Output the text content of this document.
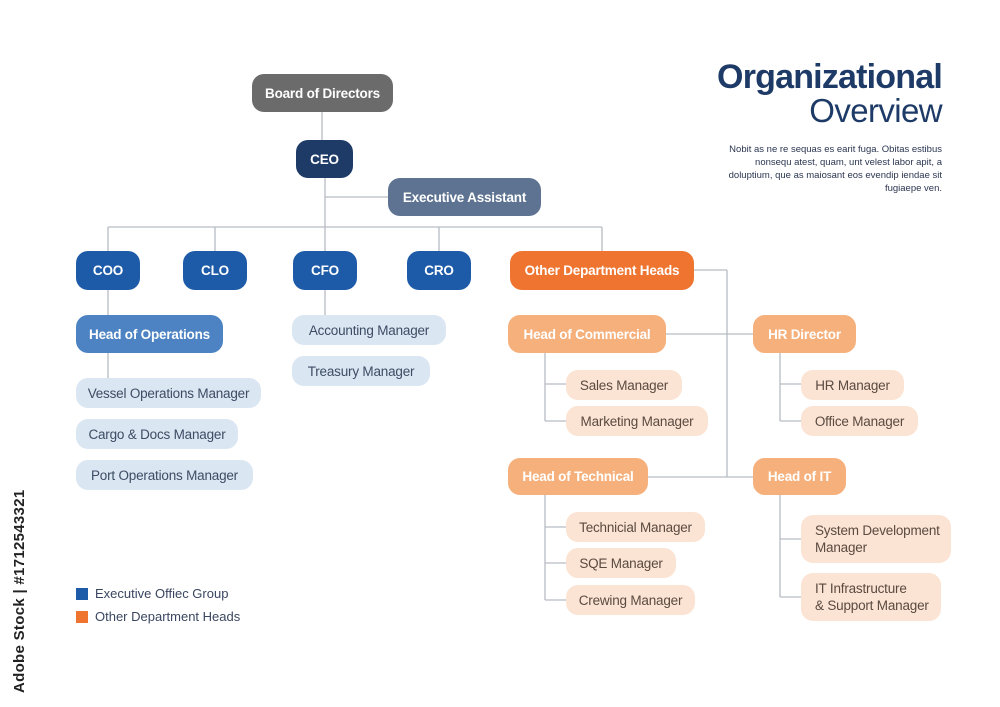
Board of Directors
CEO
Executive Assistant
COO	CLO	CFO	CRO	Other Department Heads
Head of Operations
Vessel Operations Manager
Cargo & Docs Manager
Port Operations Manager
Accounting Manager
Treasury Manager
Head of Commercial
Sales Manager
Marketing Manager
Head of Technical
Technicial Manager
SQE Manager
Crewing Manager
HR Director
HR Manager
Office Manager
Head of IT
System Development
Manager
IT Infrastructure
& Support Manager
Organizational
Overview
Nobit as ne re sequas es earit fuga. Obitas estibus nonsequ atest, quam, unt velest labor apit, a doluptium, que as maiosant eos evendip iendae sit fugiaepe ven.
Executive Offiec Group
Other Department Heads
Adobe Stock | #1712543321
